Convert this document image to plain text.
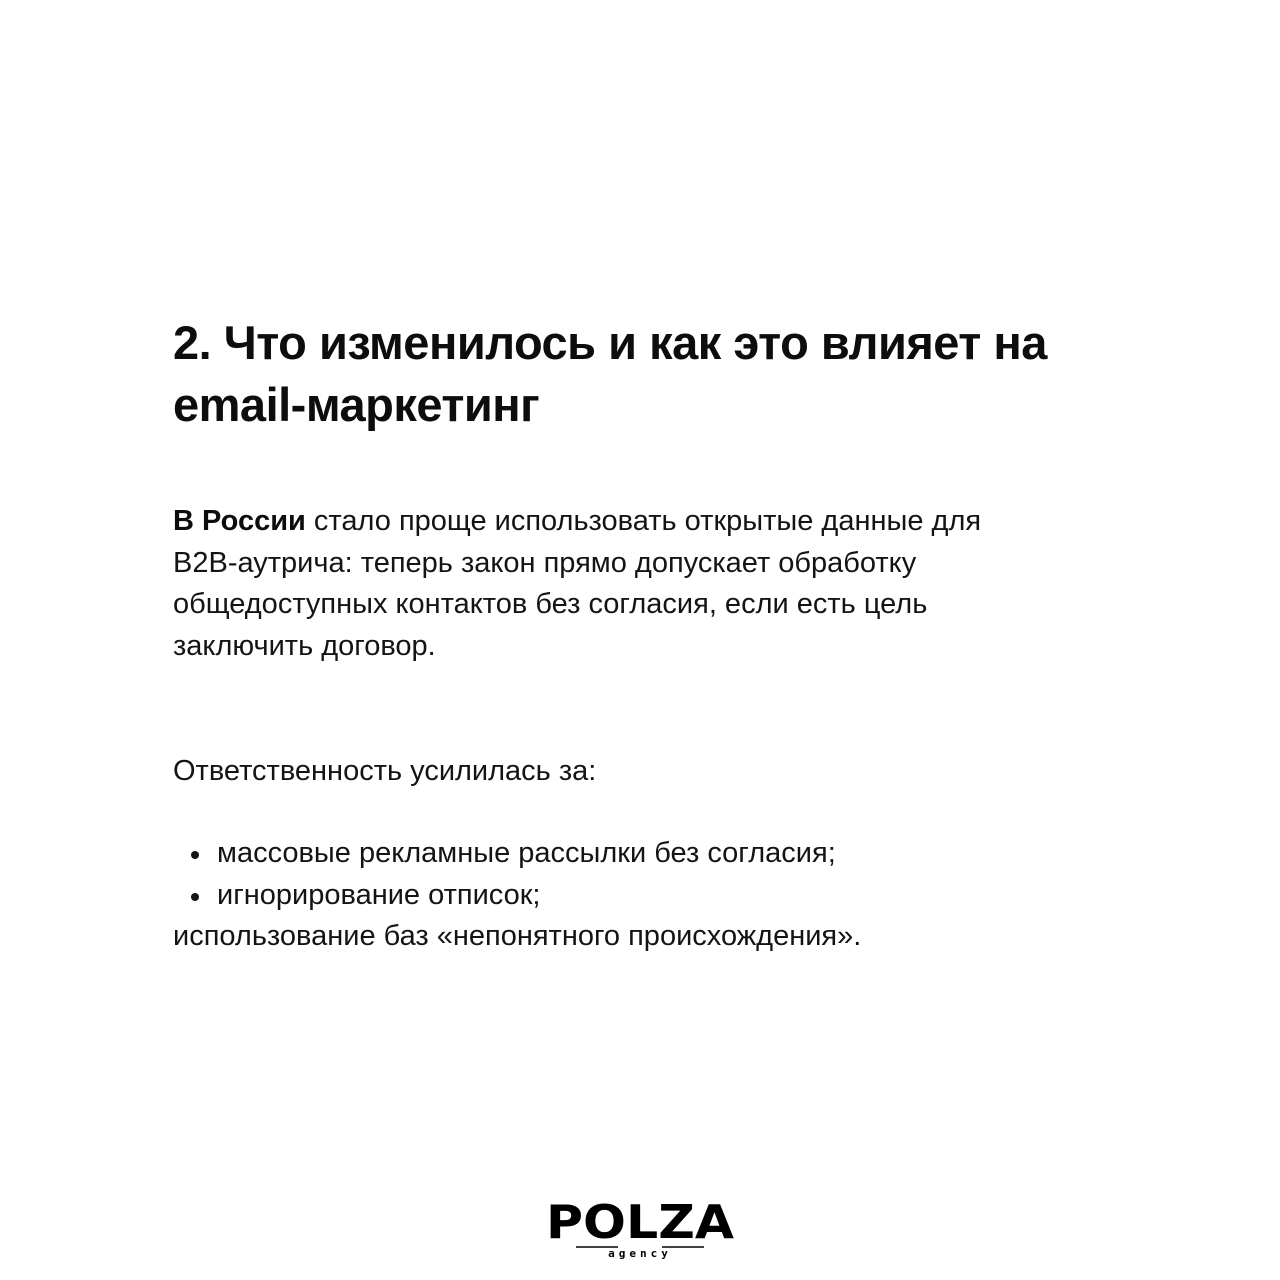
2. Что изменилось и как это влияет на
email-маркетинг

В России стало проще использовать открытые данные для
B2B-аутрича: теперь закон прямо допускает обработку
общедоступных контактов без согласия, если есть цель
заключить договор.

Ответственность усилилась за:

массовые рекламные рассылки без согласия;
игнорирование отписок;

использование баз «непонятного происхождения».

POLZA
agency
